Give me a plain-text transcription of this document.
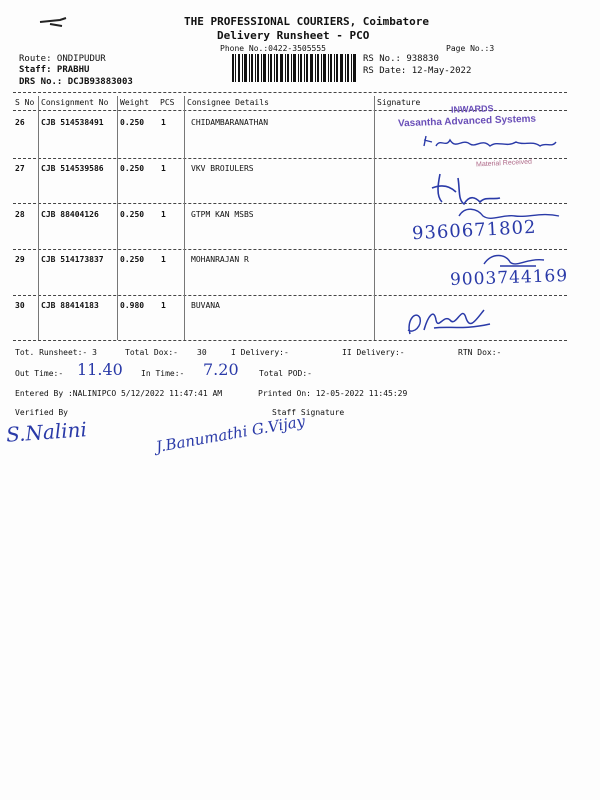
THE PROFESSIONAL COURIERS, Coimbatore
Delivery Runsheet - PCO
Phone No.:0422-3505555	Page No.:3
Route: ONDIPUDUR
Staff: PRABHU
DRS No.: DCJB93883003
RS No.: 938830
RS Date: 12-May-2022
S No Consignment No Weight PCS Consignee Details	Signature
26 CJB 514538491 0.250 1	CHIDAMBARANATHAN
27 CJB 514539586 0.250 1	VKV BROIULERS
28 CJB 88404126	0.250 1	GTPM KAN MSBS
29 CJB 514173837 0.250 1	MOHANRAJAN R
30 CJB 88414183	0.980 1	BUVANA
INWARDS
Vasantha Advanced Systems
Material Received
9360671802
9003744169
Tot. Runsheet:- 3	Total Dox:- 30	I Delivery:-	II Delivery:-	RTN Dox:-
Out Time:- 11.40 In Time:- 7.20	Total POD:-
Entered By :NALINIPCO 5/12/2022 11:47:41 AM	Printed On: 12-05-2022 11:45:29
Verified By	Staff Signature
S.Nalini	J.Banumathi G.Vijay
